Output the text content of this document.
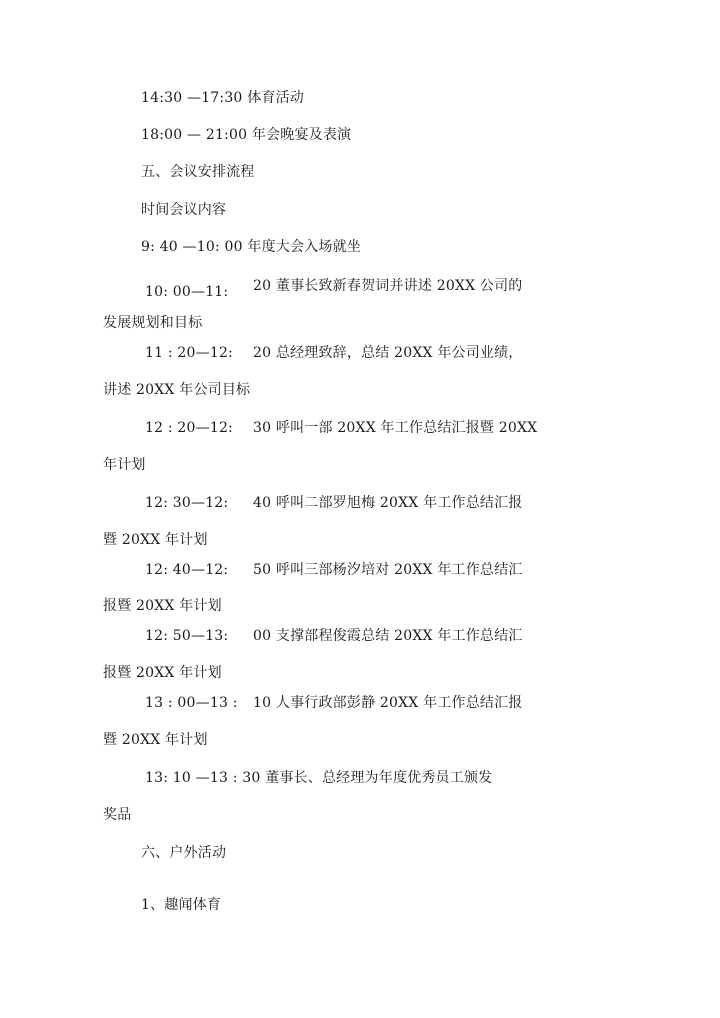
14:30 —17:30 体育活动
18:00 — 21:00 年会晚宴及表演
五、会议安排流程
时间会议内容
9: 40 —10: 00 年度大会入场就坐
10: 00—11: 20 董事长致新春贺词并讲述 20XX 公司的
发展规划和目标
11 : 20—12: 20 总经理致辞，总结 20XX 年公司业绩，
讲述 20XX 年公司目标
12 : 20—12: 30 呼叫一部 20XX 年工作总结汇报暨 20XX
年计划
12: 30—12: 40 呼叫二部罗旭梅 20XX 年工作总结汇报
暨 20XX 年计划
12: 40—12: 50 呼叫三部杨汐培对 20XX 年工作总结汇
报暨 20XX 年计划
12: 50—13: 00 支撑部程俊霞总结 20XX 年工作总结汇
报暨 20XX 年计划
13 : 00—13 : 10 人事行政部彭静 20XX 年工作总结汇报
暨 20XX 年计划
13: 10 —13 : 30 董事长、总经理为年度优秀员工颁发
奖品
六、户外活动
1、趣闻体育
